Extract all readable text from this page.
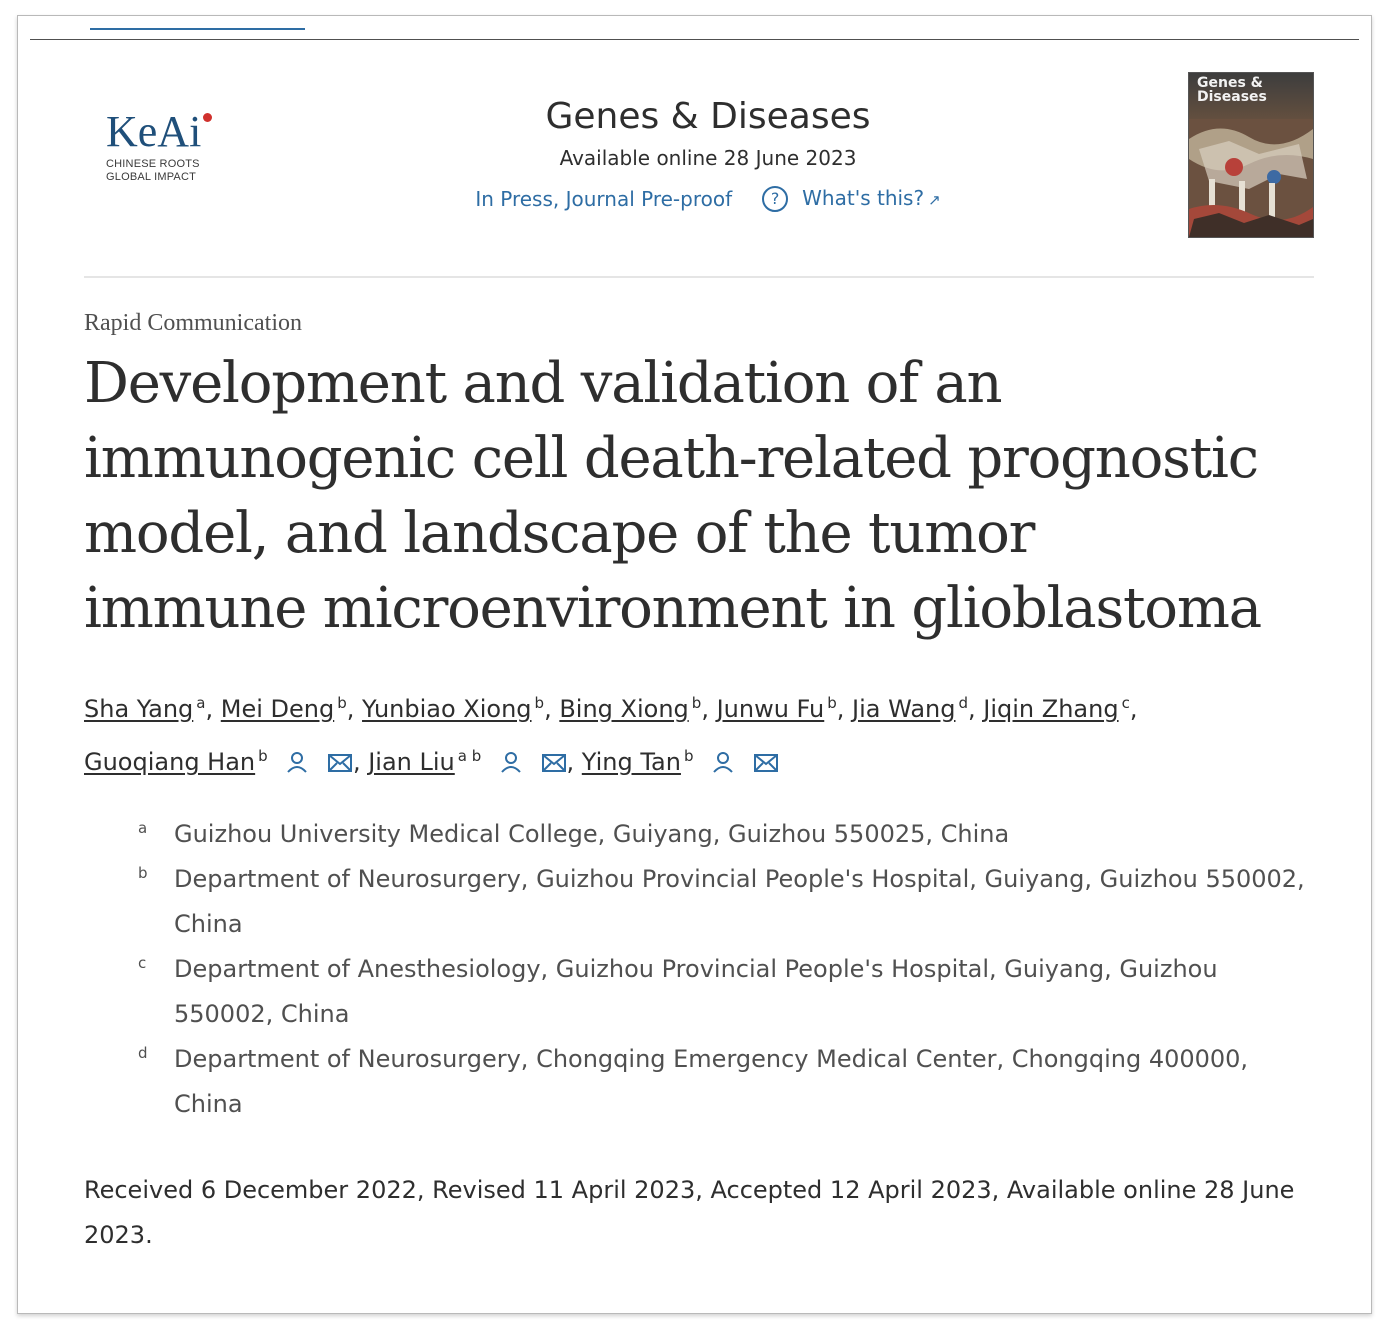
KeAi
CHINESE ROOTS
GLOBAL IMPACT
Genes & Diseases
Available online 28 June 2023
In Press, Journal Pre-proof	?	What's this? ↗
Genes & Diseases
Rapid Communication
Development and validation of an immunogenic cell death-related prognostic model, and landscape of the tumor immune microenvironment in glioblastoma
Sha Yang $^a$, Mei Deng $^b$, Yunbiao Xiong $^b$, Bing Xiong $^b$, Junwu Fu $^b$, Jia Wang $^d$, Jiqin Zhang $^c$,
Guoqiang Han $^b$	, Jian Liu $^{a b}$	, Ying Tan $^b$
a Guizhou University Medical College, Guiyang, Guizhou 550025, China
b Department of Neurosurgery, Guizhou Provincial People's Hospital, Guiyang, Guizhou 550002, China
c Department of Anesthesiology, Guizhou Provincial People's Hospital, Guiyang, Guizhou 550002, China
d Department of Neurosurgery, Chongqing Emergency Medical Center, Chongqing 400000, China
Received 6 December 2022, Revised 11 April 2023, Accepted 12 April 2023, Available online 28 June 2023.
